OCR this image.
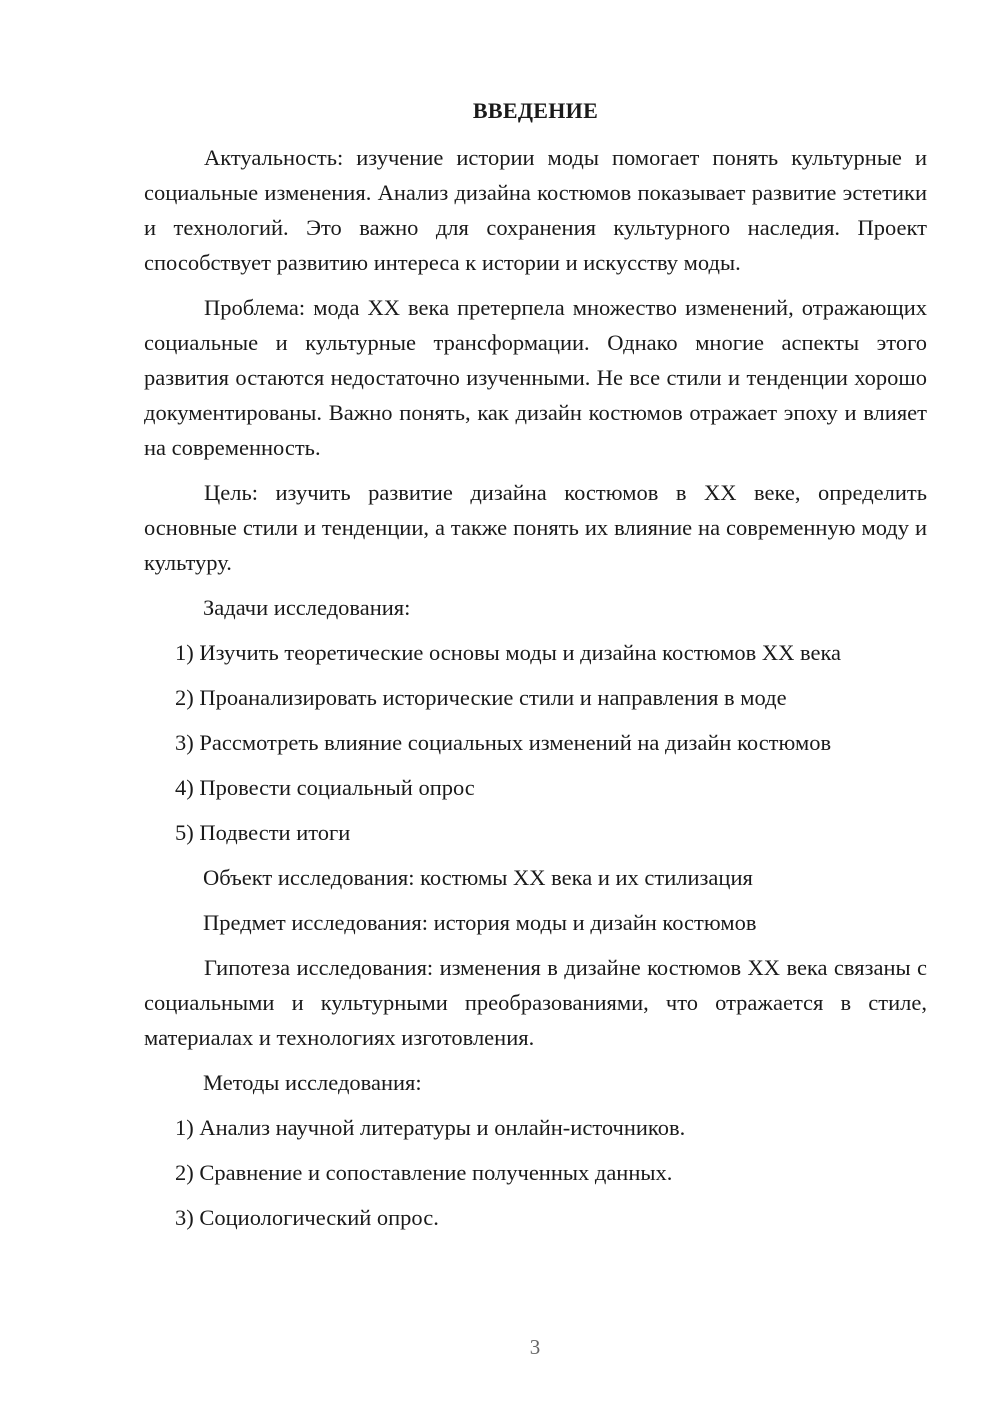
ВВЕДЕНИЕ

Актуальность: изучение истории моды помогает понять культурные и социальные изменения. Анализ дизайна костюмов показывает развитие эстетики и технологий. Это важно для сохранения культурного наследия. Проект способствует развитию интереса к истории и искусству моды.

Проблема: мода XX века претерпела множество изменений, отражающих социальные и культурные трансформации. Однако многие аспекты этого развития остаются недостаточно изученными. Не все стили и тенденции хорошо документированы. Важно понять, как дизайн костюмов отражает эпоху и влияет на современность.

Цель: изучить развитие дизайна костюмов в XX веке, определить основные стили и тенденции, а также понять их влияние на современную моду и культуру.

Задачи исследования:
1) Изучить теоретические основы моды и дизайна костюмов XX века
2) Проанализировать исторические стили и направления в моде
3) Рассмотреть влияние социальных изменений на дизайн костюмов
4) Провести социальный опрос
5) Подвести итоги
Объект исследования: костюмы XX века и их стилизация
Предмет исследования: история моды и дизайн костюмов

Гипотеза исследования: изменения в дизайне костюмов XX века связаны с социальными и культурными преобразованиями, что отражается в стиле, материалах и технологиях изготовления.

Методы исследования:
1) Анализ научной литературы и онлайн-источников.
2) Сравнение и сопоставление полученных данных.
3) Социологический опрос.
3
